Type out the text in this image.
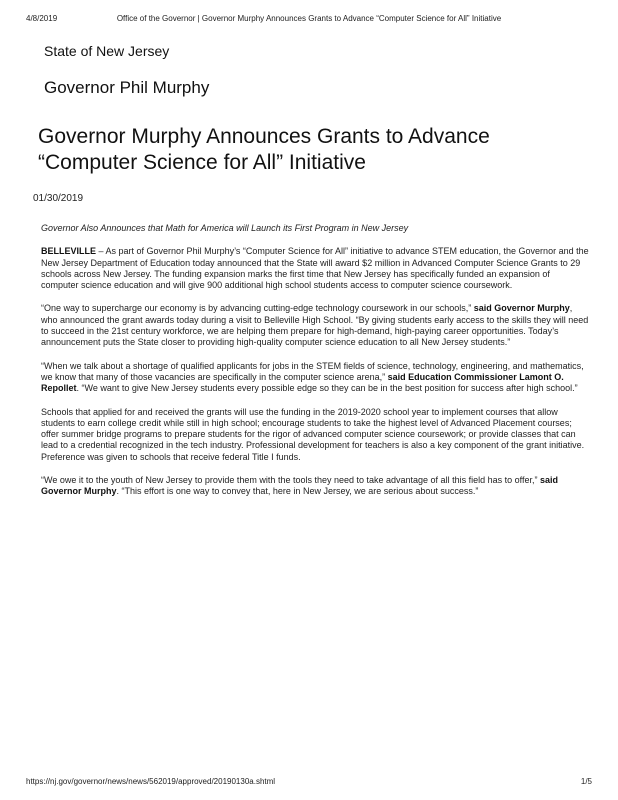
4/8/2019	Office of the Governor | Governor Murphy Announces Grants to Advance “Computer Science for All” Initiative
State of New Jersey
Governor Phil Murphy
Governor Murphy Announces Grants to Advance
“Computer Science for All” Initiative
01/30/2019

Governor Also Announces that Math for America will Launch its First Program in New Jersey

BELLEVILLE – As part of Governor Phil Murphy’s “Computer Science for All” initiative to advance STEM education, the Governor and the New Jersey Department of Education today announced that the State will award $2 million in Advanced Computer Science Grants to 29 schools across New Jersey. The funding expansion marks the first time that New Jersey has specifically funded an expansion of computer science education and will give 900 additional high school students access to computer science coursework.

“One way to supercharge our economy is by advancing cutting-edge technology coursework in our schools,” said Governor Murphy, who announced the grant awards today during a visit to Belleville High School. “By giving students early access to the skills they will need to succeed in the 21st century workforce, we are helping them prepare for high-demand, high-paying career opportunities. Today’s announcement puts the State closer to providing high-quality computer science education to all New Jersey students.”

“When we talk about a shortage of qualified applicants for jobs in the STEM fields of science, technology, engineering, and mathematics, we know that many of those vacancies are specifically in the computer science arena,” said Education Commissioner Lamont O. Repollet. “We want to give New Jersey students every possible edge so they can be in the best position for success after high school.”

Schools that applied for and received the grants will use the funding in the 2019-2020 school year to implement courses that allow students to earn college credit while still in high school; encourage students to take the highest level of Advanced Placement courses; offer summer bridge programs to prepare students for the rigor of advanced computer science coursework; or provide classes that can lead to a credential recognized in the tech industry. Professional development for teachers is also a key component of the grant initiative. Preference was given to schools that receive federal Title I funds.

“We owe it to the youth of New Jersey to provide them with the tools they need to take advantage of all this field has to offer,” said Governor Murphy. “This effort is one way to convey that, here in New Jersey, we are serious about success.”

https://nj.gov/governor/news/news/562019/approved/20190130a.shtml	1/5
